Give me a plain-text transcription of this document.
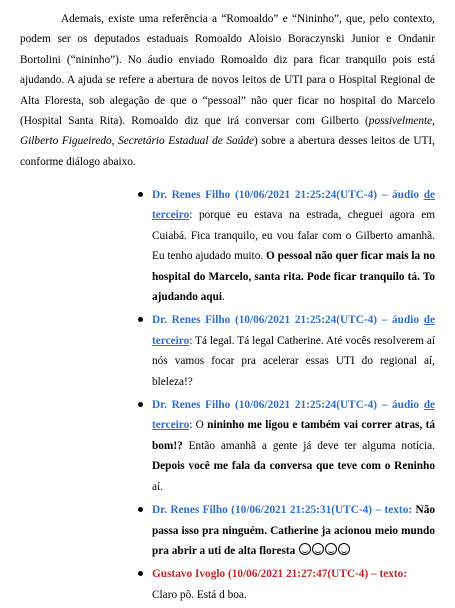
Ademais, existe uma referência a “Romoaldo” e “Nininho”, que, pelo contexto, podem ser os deputados estaduais Romoaldo Aloisio Boraczynski Junior e Ondanir Bortolini (“nininho”). No áudio enviado Romoaldo diz para ficar tranquilo pois está ajudando. A ajuda se refere a abertura de novos leitos de UTI para o Hospital Regional de Alta Floresta, sob alegação de que o “pessoal” não quer ficar no hospital do Marcelo (Hospital Santa Rita). Romoaldo diz que irá conversar com Gilberto (possivelmente, Gilberto Figueiredo, Secretário Estadual de Saúde) sobre a abertura desses leitos de UTI, conforme diálogo abaixo.

Dr. Renes Filho (10/06/2021 21:25:24(UTC-4) – áudio de terceiro: porque eu estava na estrada, cheguei agora em Cuiabá. Fica tranquilo, eu vou falar com o Gilberto amanhã. Eu tenho ajudado muito. O pessoal não quer ficar mais la no hospital do Marcelo, santa rita. Pode ficar tranquilo tá. To ajudando aqui.
Dr. Renes Filho (10/06/2021 21:25:24(UTC-4) – áudio de terceiro: Tá legal. Tá legal Catherine. Até vocês resolverem aí nós vamos focar pra acelerar essas UTI do regional aí, bleleza!?
Dr. Renes Filho (10/06/2021 21:25:24(UTC-4) – áudio de terceiro: O nininho me ligou e também vai correr atras, tá bom!? Então amanhã a gente já deve ter alguma notícia. Depois você me fala da conversa que teve com o Reninho aí.
Dr. Renes Filho (10/06/2021 21:25:31(UTC-4) – texto: Não passa isso pra ninguém. Catherine ja acionou meio mundo pra abrir a uti de alta floresta
Gustavo Ivoglo (10/06/2021 21:27:47(UTC-4) – texto:
Claro pô. Está d boa.
